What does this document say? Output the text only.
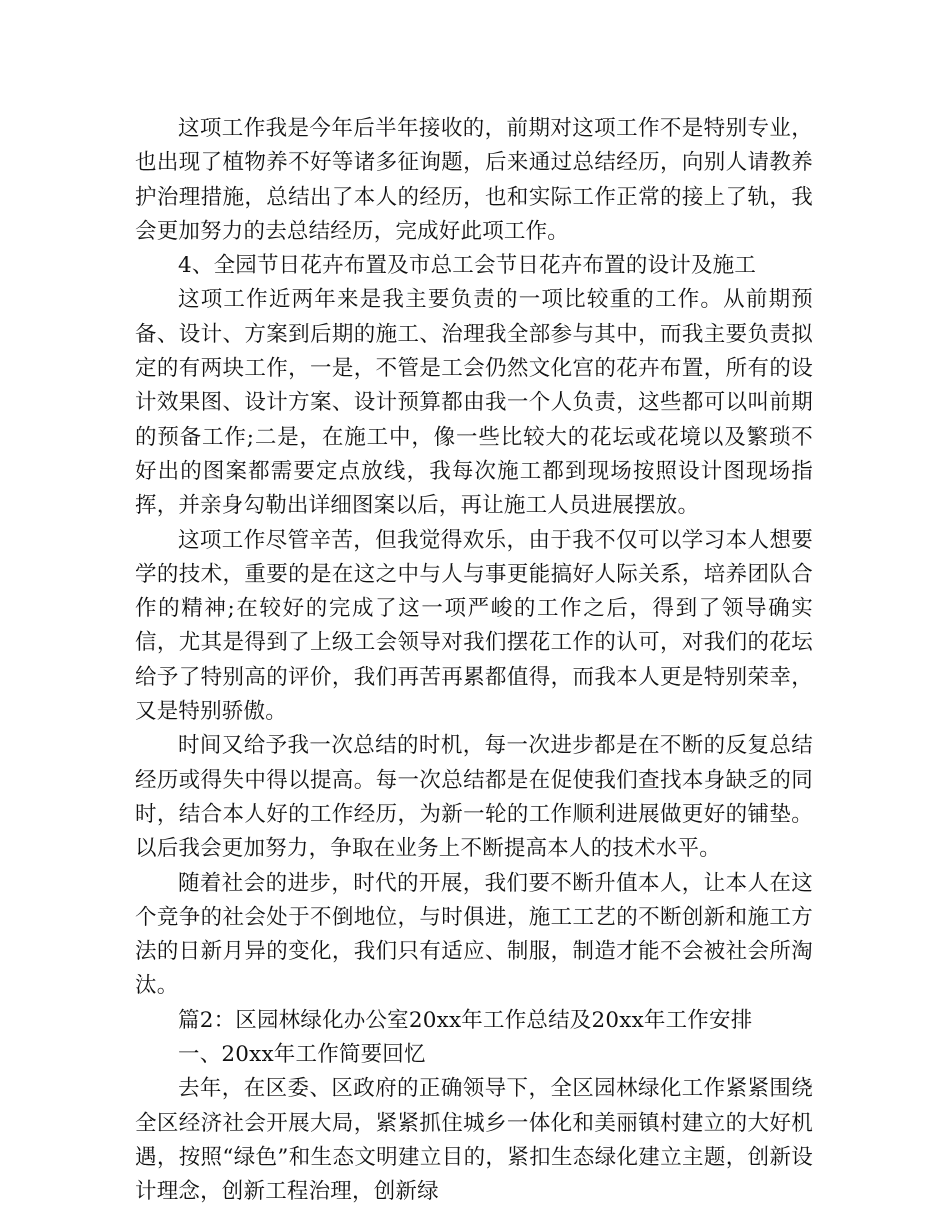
这项工作我是今年后半年接收的，前期对这项工作不是特别专业，也出现了植物养不好等诸多征询题，后来通过总结经历，向别人请教养护治理措施，总结出了本人的经历，也和实际工作正常的接上了轨，我会更加努力的去总结经历，完成好此项工作。

4、全园节日花卉布置及市总工会节日花卉布置的设计及施工

这项工作近两年来是我主要负责的一项比较重的工作。从前期预备、设计、方案到后期的施工、治理我全部参与其中，而我主要负责拟定的有两块工作，一是，不管是工会仍然文化宫的花卉布置，所有的设计效果图、设计方案、设计预算都由我一个人负责，这些都可以叫前期的预备工作;二是，在施工中，像一些比较大的花坛或花境以及繁琐不好出的图案都需要定点放线，我每次施工都到现场按照设计图现场指挥，并亲身勾勒出详细图案以后，再让施工人员进展摆放。

这项工作尽管辛苦，但我觉得欢乐，由于我不仅可以学习本人想要学的技术，重要的是在这之中与人与事更能搞好人际关系，培养团队合作的精神;在较好的完成了这一项严峻的工作之后，得到了领导确实信，尤其是得到了上级工会领导对我们摆花工作的认可，对我们的花坛给予了特别高的评价，我们再苦再累都值得，而我本人更是特别荣幸，又是特别骄傲。

时间又给予我一次总结的时机，每一次进步都是在不断的反复总结经历或得失中得以提高。每一次总结都是在促使我们查找本身缺乏的同时，结合本人好的工作经历，为新一轮的工作顺利进展做更好的铺垫。以后我会更加努力，争取在业务上不断提高本人的技术水平。

随着社会的进步，时代的开展，我们要不断升值本人，让本人在这个竞争的社会处于不倒地位，与时俱进，施工工艺的不断创新和施工方法的日新月异的变化，我们只有适应、制服，制造才能不会被社会所淘汰。

篇2：区园林绿化办公室20xx年工作总结及20xx年工作安排

一、20xx年工作简要回忆

去年，在区委、区政府的正确领导下，全区园林绿化工作紧紧围绕全区经济社会开展大局，紧紧抓住城乡一体化和美丽镇村建立的大好机遇，按照“绿色”和生态文明建立目的，紧扣生态绿化建立主题，创新设计理念，创新工程治理，创新绿
